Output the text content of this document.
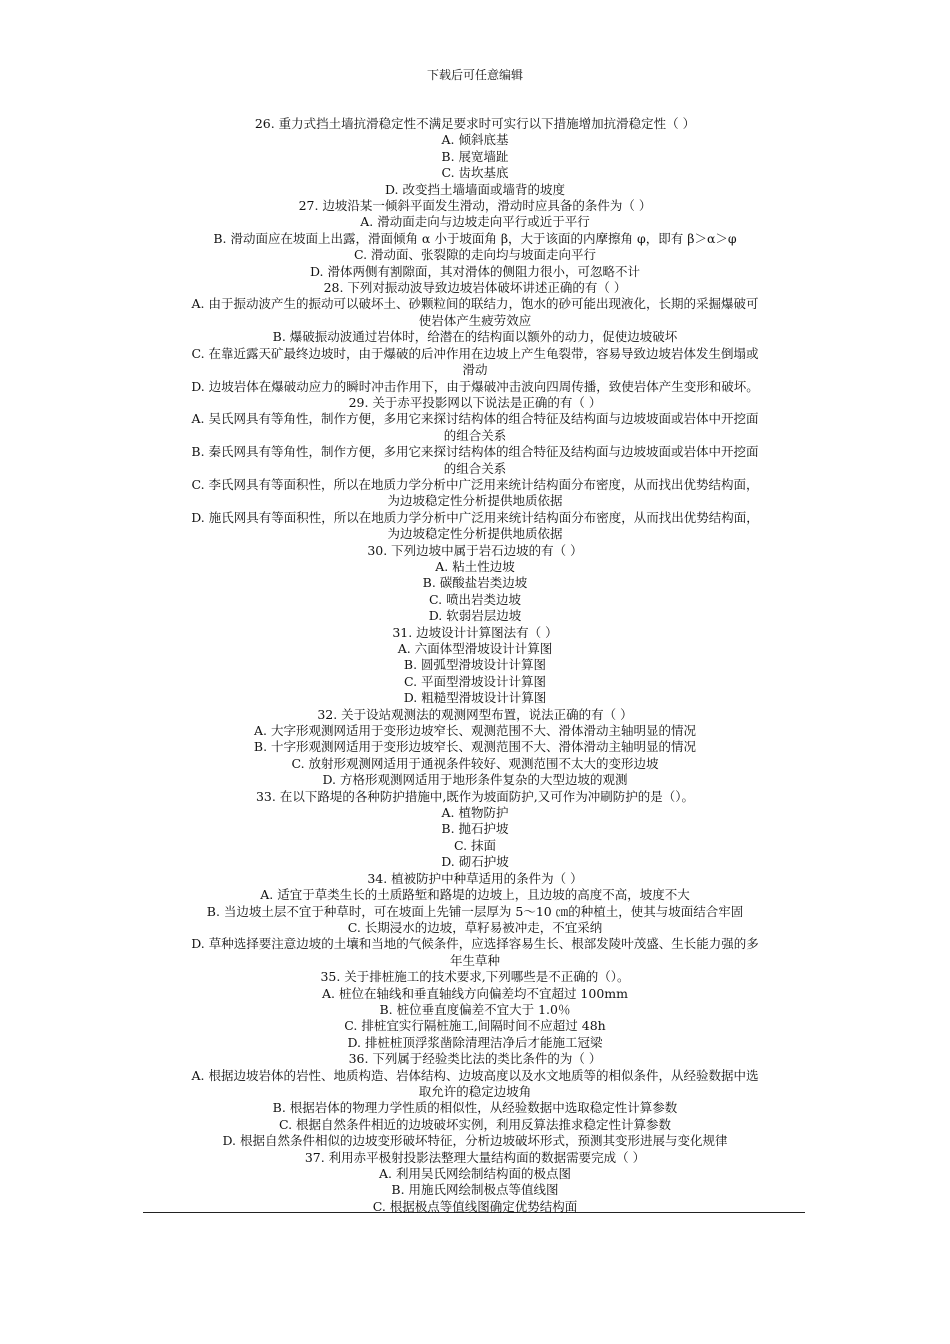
下载后可任意编辑
26. 重力式挡土墙抗滑稳定性不满足要求时可实行以下措施增加抗滑稳定性（ ）
A. 倾斜底基
B. 展宽墙趾
C. 齿坎基底
D. 改变挡土墙墙面或墙背的坡度
27. 边坡沿某一倾斜平面发生滑动，滑动时应具备的条件为（ ）
A. 滑动面走向与边坡走向平行或近于平行
B. 滑动面应在坡面上出露，滑面倾角 α 小于坡面角 β，大于该面的内摩擦角 φ，即有 β＞α＞φ
C. 滑动面、张裂隙的走向均与坡面走向平行
D. 滑体两侧有割隙面，其对滑体的侧阻力很小，可忽略不计
28. 下列对振动波导致边坡岩体破坏讲述正确的有（ ）
A. 由于振动波产生的振动可以破坏土、砂颗粒间的联结力，饱水的砂可能出现液化，长期的采掘爆破可
使岩体产生疲劳效应
B. 爆破振动波通过岩体时，给潜在的结构面以额外的动力，促使边坡破坏
C. 在靠近露天矿最终边坡时，由于爆破的后冲作用在边坡上产生龟裂带，容易导致边坡岩体发生倒塌或
滑动
D. 边坡岩体在爆破动应力的瞬时冲击作用下，由于爆破冲击波向四周传播，致使岩体产生变形和破坏。
29. 关于赤平投影网以下说法是正确的有（ ）
A. 吴氏网具有等角性，制作方便，多用它来探讨结构体的组合特征及结构面与边坡坡面或岩体中开挖面
的组合关系
B. 秦氏网具有等角性，制作方便，多用它来探讨结构体的组合特征及结构面与边坡坡面或岩体中开挖面
的组合关系
C. 李氏网具有等面积性，所以在地质力学分析中广泛用来统计结构面分布密度，从而找出优势结构面，
为边坡稳定性分析提供地质依据
D. 施氏网具有等面积性，所以在地质力学分析中广泛用来统计结构面分布密度，从而找出优势结构面，
为边坡稳定性分析提供地质依据
30. 下列边坡中属于岩石边坡的有（ ）
A. 粘土性边坡
B. 碳酸盐岩类边坡
C. 喷出岩类边坡
D. 软弱岩层边坡
31. 边坡设计计算图法有（ ）
A. 六面体型滑坡设计计算图
B. 圆弧型滑坡设计计算图
C. 平面型滑坡设计计算图
D. 粗糙型滑坡设计计算图
32. 关于设站观测法的观测网型布置，说法正确的有（ ）
A. 大字形观测网适用于变形边坡窄长、观测范围不大、滑体滑动主轴明显的情况
B. 十字形观测网适用于变形边坡窄长、观测范围不大、滑体滑动主轴明显的情况
C. 放射形观测网适用于通视条件较好、观测范围不太大的变形边坡
D. 方格形观测网适用于地形条件复杂的大型边坡的观测
33. 在以下路堤的各种防护措施中,既作为坡面防护,又可作为冲刷防护的是（）。
A. 植物防护
B. 抛石护坡
C. 抹面
D. 砌石护坡
34. 植被防护中种草适用的条件为（ ）
A. 适宜于草类生长的土质路堑和路堤的边坡上，且边坡的高度不高，坡度不大
B. 当边坡土层不宜于种草时，可在坡面上先铺一层厚为 5～10 ㎝的种植土，使其与坡面结合牢固
C. 长期浸水的边坡，草籽易被冲走，不宜采纳
D. 草种选择要注意边坡的土壤和当地的气候条件，应选择容易生长、根部发陵叶茂盛、生长能力强的多
年生草种
35. 关于排桩施工的技术要求,下列哪些是不正确的（）。
A. 桩位在轴线和垂直轴线方向偏差均不宜超过 100mm
B. 桩位垂直度偏差不宜大于 1.0％
C. 排桩宜实行隔桩施工,间隔时间不应超过 48h
D. 排桩桩顶浮浆凿除清理洁净后才能施工冠梁
36. 下列属于经验类比法的类比条件的为（ ）
A. 根据边坡岩体的岩性、地质构造、岩体结构、边坡高度以及水文地质等的相似条件，从经验数据中选
取允许的稳定边坡角
B. 根据岩体的物理力学性质的相似性，从经验数据中选取稳定性计算参数
C. 根据自然条件相近的边坡破坏实例，利用反算法推求稳定性计算参数
D. 根据自然条件相似的边坡变形破坏特征，分析边坡破坏形式，预测其变形进展与变化规律
37. 利用赤平极射投影法整理大量结构面的数据需要完成（ ）
A. 利用吴氏网绘制结构面的极点图
B. 用施氏网绘制极点等值线图
C. 根据极点等值线图确定优势结构面
